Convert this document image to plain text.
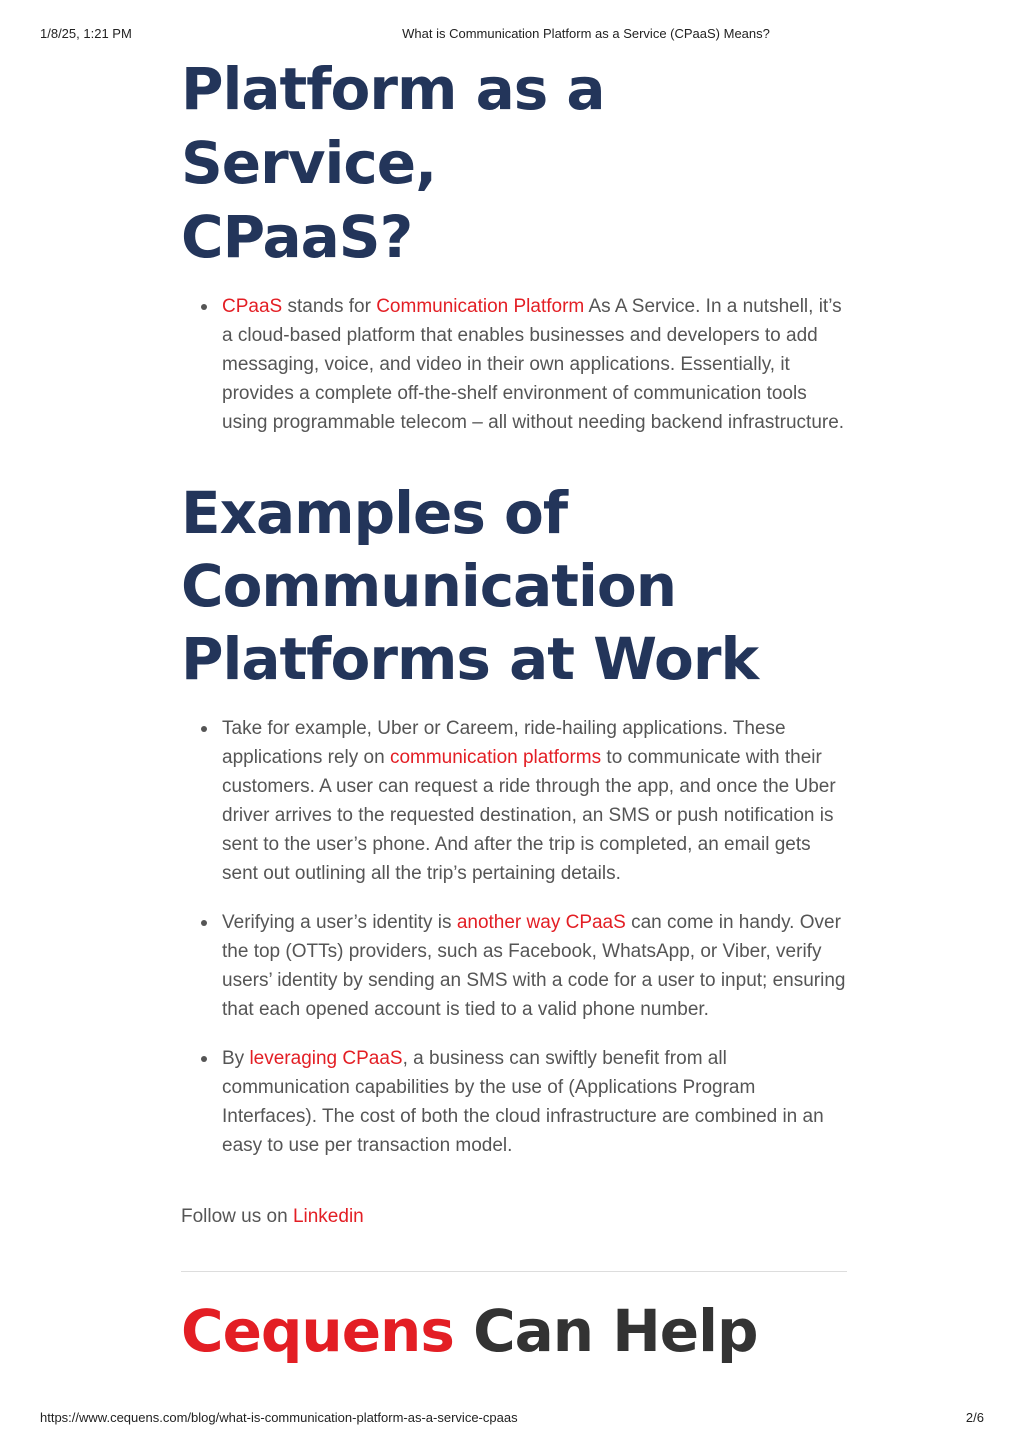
1/8/25, 1:21 PM	What is Communication Platform as a Service (CPaaS) Means?
Platform as a Service,
CPaaS?
CPaaS stands for Communication Platform As A Service. In a nutshell, it’s a cloud-based platform that enables businesses and developers to add messaging, voice, and video in their own applications. Essentially, it provides a complete off-the-shelf environment of communication tools using programmable telecom – all without needing backend infrastructure.
Examples of
Communication
Platforms at Work
Take for example, Uber or Careem, ride-hailing applications. These applications rely on communication platforms to communicate with their customers. A user can request a ride through the app, and once the Uber driver arrives to the requested destination, an SMS or push notification is sent to the user’s phone. And after the trip is completed, an email gets sent out outlining all the trip’s pertaining details.
Verifying a user’s identity is another way CPaaS can come in handy. Over the top (OTTs) providers, such as Facebook, WhatsApp, or Viber, verify users’ identity by sending an SMS with a code for a user to input; ensuring that each opened account is tied to a valid phone number.
By leveraging CPaaS, a business can swiftly benefit from all communication capabilities by the use of (Applications Program Interfaces). The cost of both the cloud infrastructure are combined in an easy to use per transaction model.

Follow us on Linkedin

Cequens Can Help
https://www.cequens.com/blog/what-is-communication-platform-as-a-service-cpaas	2/6
